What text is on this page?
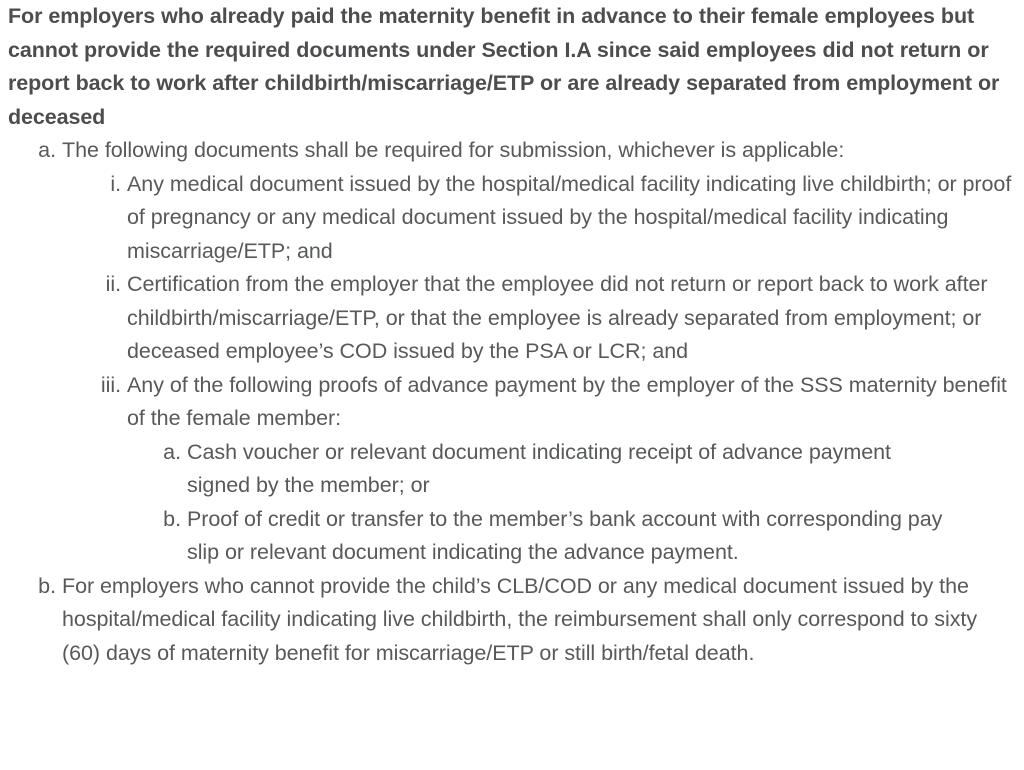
For employers who already paid the maternity benefit in advance to their female employees but cannot provide the required documents under Section I.A since said employees did not return or report back to work after childbirth/miscarriage/ETP or are already separated from employment or deceased

a. The following documents shall be required for submission, whichever is applicable:
i. Any medical document issued by the hospital/medical facility indicating live childbirth; or proof of pregnancy or any medical document issued by the hospital/medical facility indicating miscarriage/ETP; and
ii. Certification from the employer that the employee did not return or report back to work after childbirth/miscarriage/ETP, or that the employee is already separated from employment; or deceased employee’s COD issued by the PSA or LCR; and
iii. Any of the following proofs of advance payment by the employer of the SSS maternity benefit of the female member:
a. Cash voucher or relevant document indicating receipt of advance payment signed by the member; or
b. Proof of credit or transfer to the member’s bank account with corresponding pay slip or relevant document indicating the advance payment.
b. For employers who cannot provide the child’s CLB/COD or any medical document issued by the hospital/medical facility indicating live childbirth, the reimbursement shall only correspond to sixty (60) days of maternity benefit for miscarriage/ETP or still birth/fetal death.
